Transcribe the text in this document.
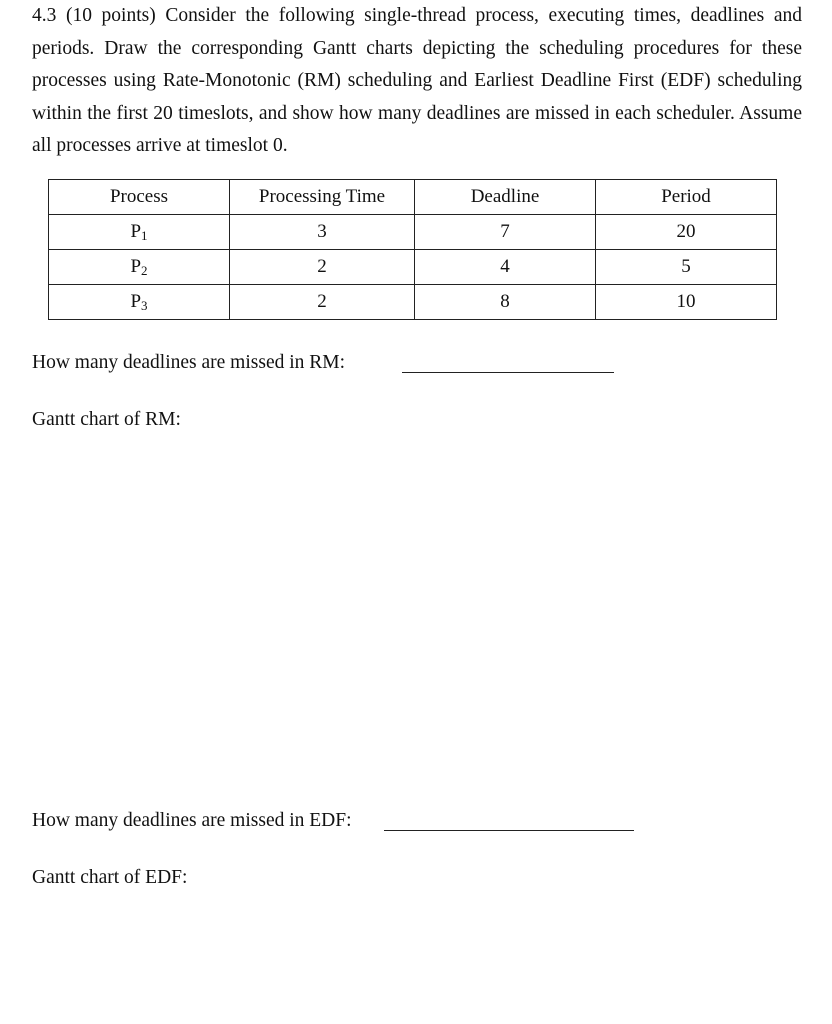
4.3 (10 points) Consider the following single-thread process, executing times, deadlines and periods. Draw the corresponding Gantt charts depicting the scheduling procedures for these processes using Rate-Monotonic (RM) scheduling and Earliest Deadline First (EDF) scheduling within the first 20 timeslots, and show how many deadlines are missed in each scheduler. Assume all processes arrive at timeslot 0.

Process	Processing Time	Deadline	Period
$P_1$	3	7	20
$P_2$	2	4	5
$P_3$	2	8	10
How many deadlines are missed in RM:
Gantt chart of RM:
How many deadlines are missed in EDF:
Gantt chart of EDF:
